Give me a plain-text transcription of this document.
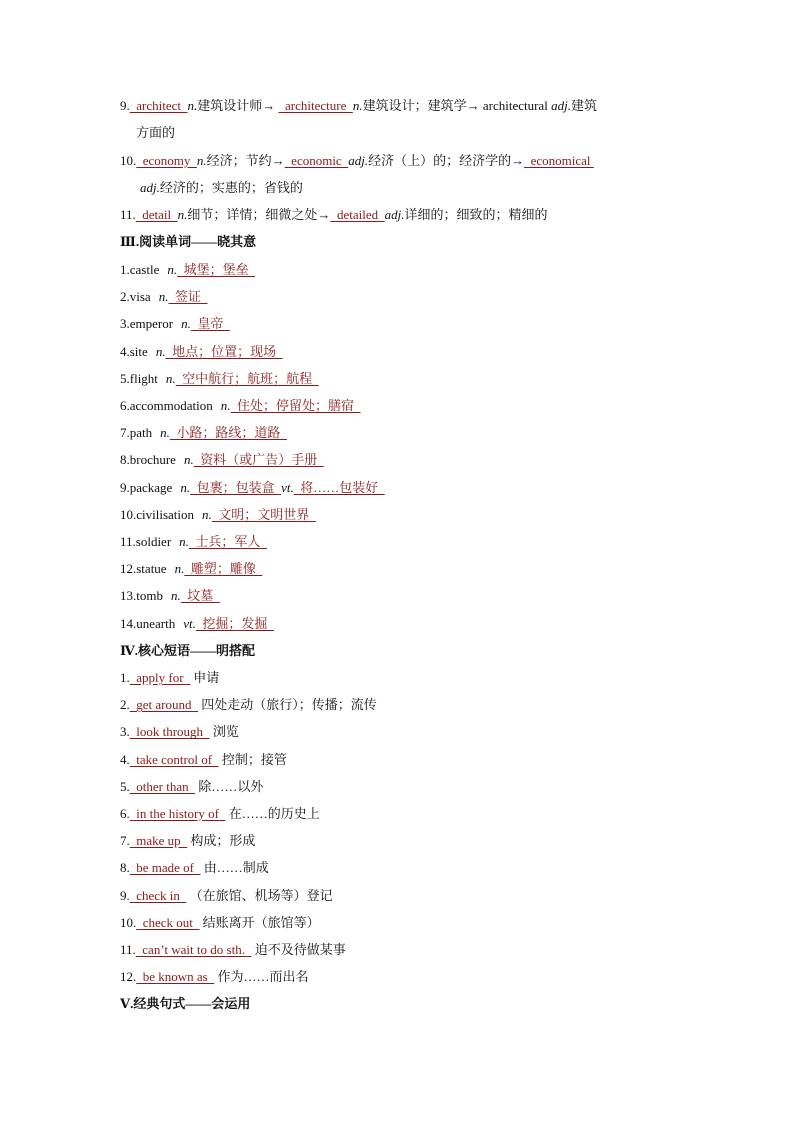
9.  architect  n.建筑设计师→   architecture  n.建筑设计；建筑学→ architectural adj.建筑
方面的
10.  economy  n.经济；节约→  economic  adj.经济（上）的；经济学的→  economical
adj.经济的；实惠的；省钱的
11.  detail  n.细节；详情；细微之处→  detailed  adj.详细的；细致的；精细的
Ⅲ.阅读单词——晓其意
1.castle n.  城堡；堡垒
2.visa n.  签证
3.emperor n.  皇帝
4.site n.  地点；位置；现场
5.flight n.  空中航行；航班；航程
6.accommodation n.  住处；停留处；膳宿
7.path n.  小路；路线；道路
8.brochure n.  资料（或广告）手册
9.package n.  包裹；包装盒  vt.  将……包装好
10.civilisation n.  文明；文明世界
11.soldier n.  士兵；军人
12.statue n.  雕塑；雕像
13.tomb n.  坟墓
14.unearth vt.  挖掘；发掘
Ⅳ.核心短语——明搭配
1.  apply for   申请
2.  get around   四处走动（旅行）；传播；流传
3.  look through   浏览
4.  take control of   控制；接管
5.  other than   除……以外
6.  in the history of   在……的历史上
7.  make up   构成；形成
8.  be made of   由……制成
9.  check in   （在旅馆、机场等）登记
10.  check out   结账离开（旅馆等）
11.  can’t wait to do sth.   迫不及待做某事
12.  be known as   作为……而出名
Ⅴ.经典句式——会运用
